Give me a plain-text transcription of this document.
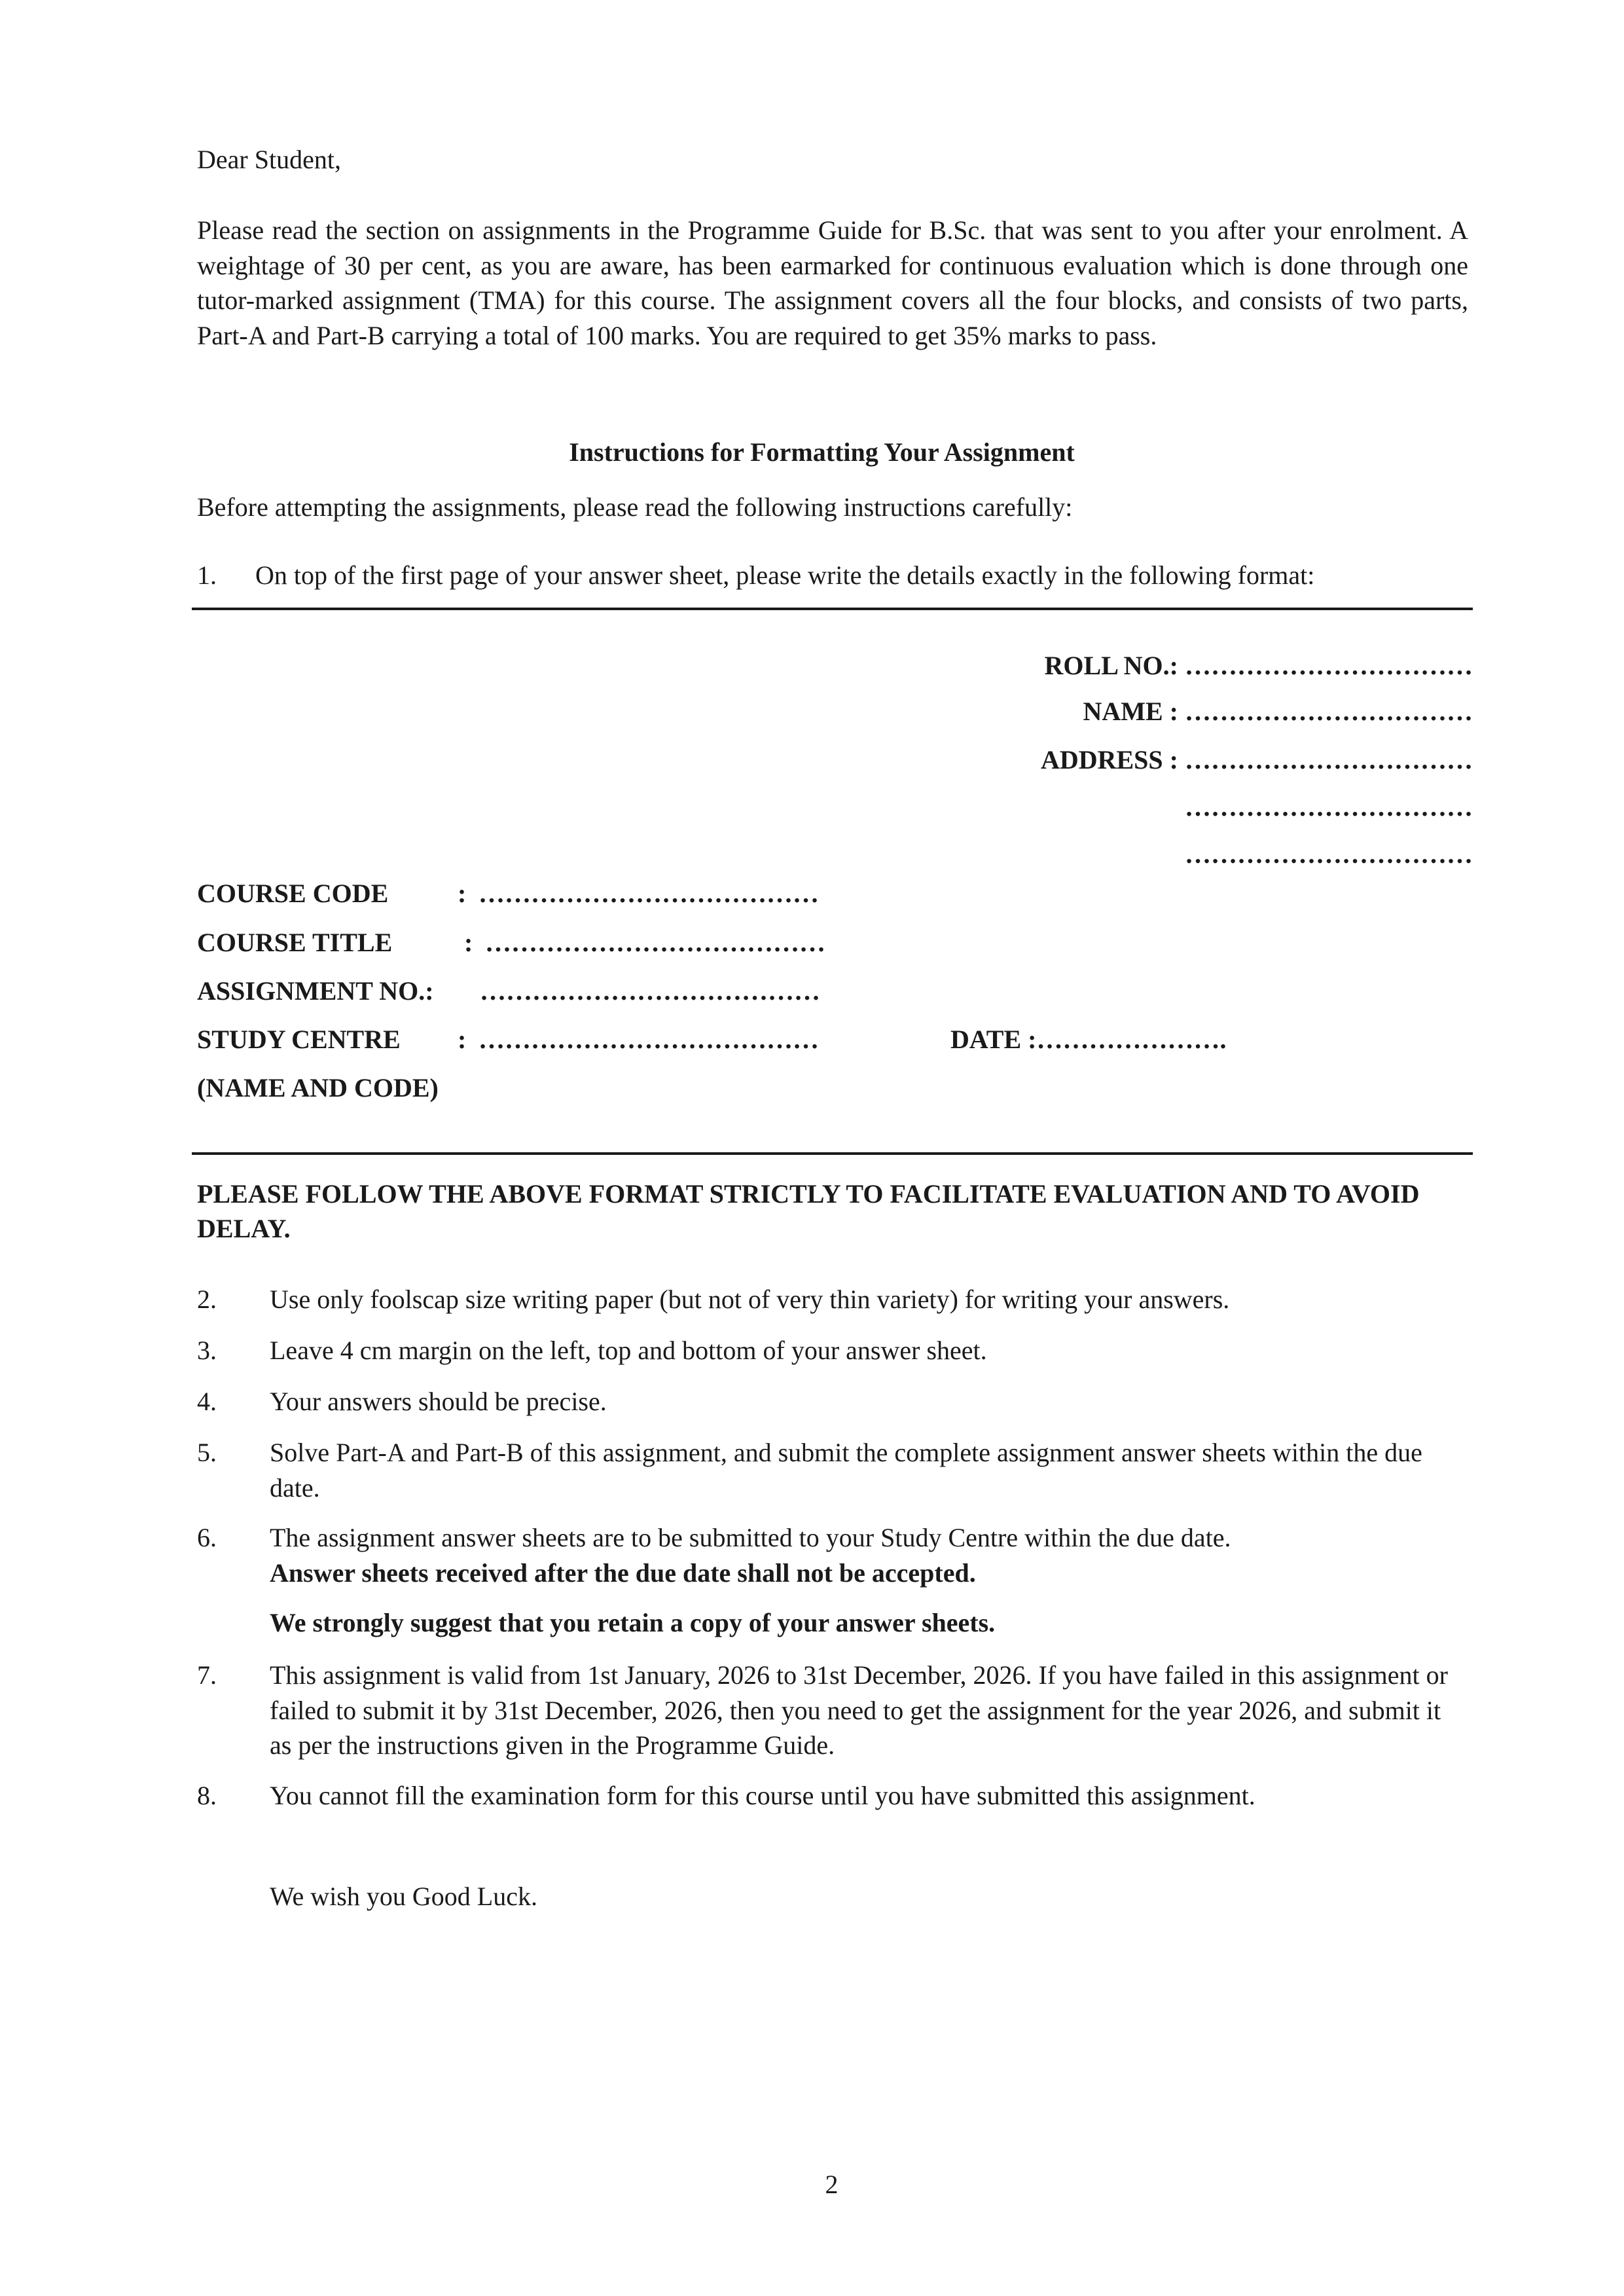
Dear Student,
Please read the section on assignments in the Programme Guide for B.Sc. that was sent to you after your enrolment. A weightage of 30 per cent, as you are aware, has been earmarked for continuous evaluation which is done through one tutor-marked assignment (TMA) for this course. The assignment covers all the four blocks, and consists of two parts, Part-A and Part-B carrying a total of 100 marks. You are required to get 35% marks to pass.
Instructions for Formatting Your Assignment
Before attempting the assignments, please read the following instructions carefully:
1. On top of the first page of your answer sheet, please write the details exactly in the following format:
ROLL NO.: ……………………………
NAME : ……………………………
ADDRESS : ……………………………
……………………………
……………………………
COURSE CODE	: …………………………………
COURSE TITLE	: …………………………………
ASSIGNMENT NO.: …………………………………
STUDY CENTRE : …………………………………
(NAME AND CODE)
DATE :………………….
PLEASE FOLLOW THE ABOVE FORMAT STRICTLY TO FACILITATE EVALUATION AND TO AVOID DELAY.
2. Use only foolscap size writing paper (but not of very thin variety) for writing your answers.
3. Leave 4 cm margin on the left, top and bottom of your answer sheet.
4. Your answers should be precise.
5. Solve Part-A and Part-B of this assignment, and submit the complete assignment answer sheets within the due date.
6. The assignment answer sheets are to be submitted to your Study Centre within the due date.
Answer sheets received after the due date shall not be accepted.
We strongly suggest that you retain a copy of your answer sheets.
7. This assignment is valid from 1st January, 2026 to 31st December, 2026. If you have failed in this assignment or failed to submit it by 31st December, 2026, then you need to get the assignment for the year 2026, and submit it as per the instructions given in the Programme Guide.
8. You cannot fill the examination form for this course until you have submitted this assignment.
We wish you Good Luck.
2
